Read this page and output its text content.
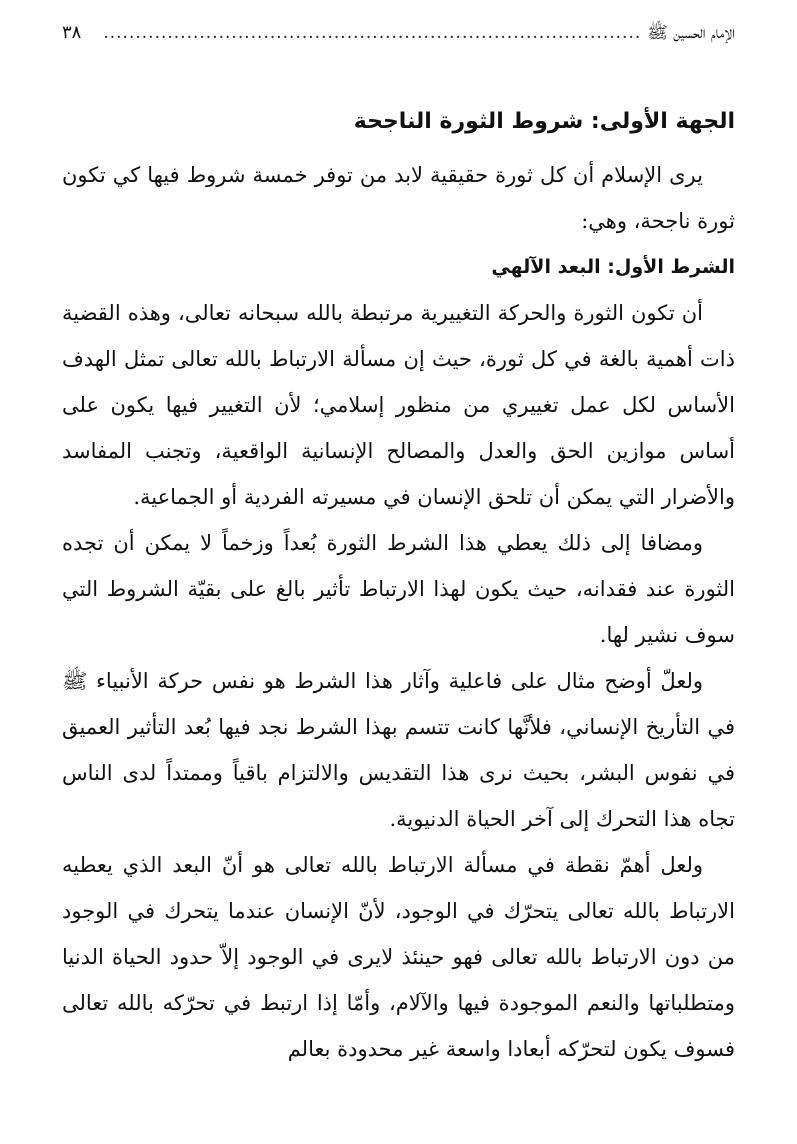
الإمام الحسين ﷺ
....................................................................................
٣٨
الجهة الأولى: شروط الثورة الناجحة

يرى الإسلام أن كل ثورة حقيقية لابد من توفر خمسة شروط فيها كي تكون ثورة ناجحة، وهي:

الشرط الأول: البعد الآلهي

أن تكون الثورة والحركة التغييرية مرتبطة بالله سبحانه تعالى، وهذه القضية ذات أهمية بالغة في كل ثورة، حيث إن مسألة الارتباط بالله تعالى تمثل الهدف الأساس لكل عمل تغييري من منظور إسلامي؛ لأن التغيير فيها يكون على أساس موازين الحق والعدل والمصالح الإنسانية الواقعية، وتجنب المفاسد والأضرار التي يمكن أن تلحق الإنسان في مسيرته الفردية أو الجماعية.

ومضافا إلى ذلك يعطي هذا الشرط الثورة بُعداً وزخماً لا يمكن أن تجده الثورة عند فقدانه، حيث يكون لهذا الارتباط تأثير بالغ على بقيّة الشروط التي سوف نشير لها.

ولعلّ أوضح مثال على فاعلية وآثار هذا الشرط هو نفس حركة الأنبياء ﷺ في التأريخ الإنساني، فلأنَّها كانت تتسم بهذا الشرط نجد فيها بُعد التأثير العميق في نفوس البشر، بحيث نرى هذا التقديس والالتزام باقياً وممتداً لدى الناس تجاه هذا التحرك إلى آخر الحياة الدنيوية.

ولعل أهمّ نقطة في مسألة الارتباط بالله تعالى هو أنّ البعد الذي يعطيه الارتباط بالله تعالى يتحرّك في الوجود، لأنّ الإنسان عندما يتحرك في الوجود من دون الارتباط بالله تعالى فهو حينئذ لايرى في الوجود إلاّ حدود الحياة الدنيا ومتطلباتها والنعم الموجودة فيها والآلام، وأمّا إذا ارتبط في تحرّكه بالله تعالى فسوف يكون لتحرّكه أبعادا واسعة غير محدودة بعالم
